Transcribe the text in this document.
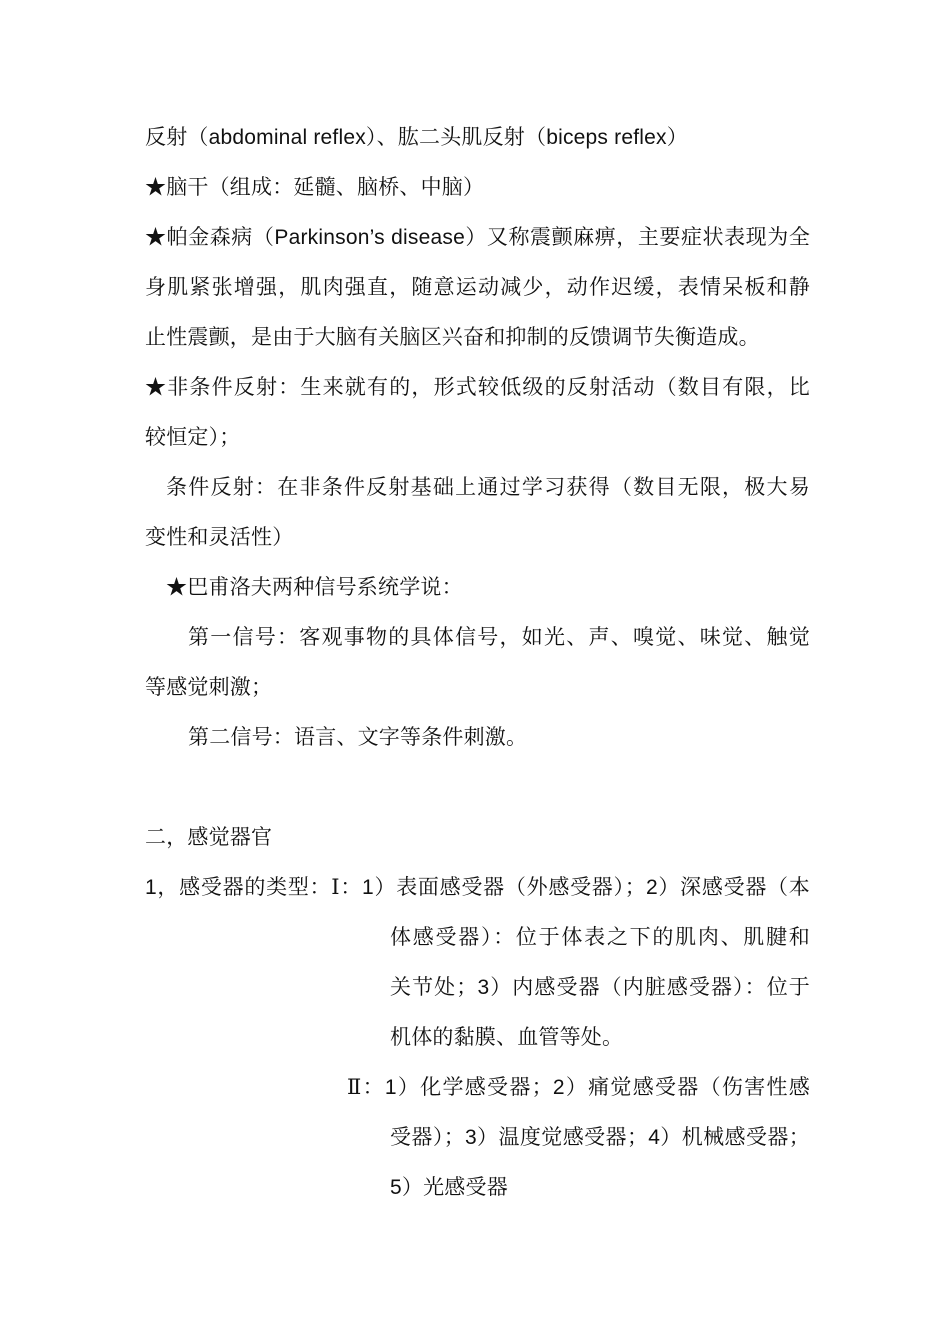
反射（abdominal reflex）、肱二头肌反射（biceps reflex）
★脑干（组成：延髓、脑桥、中脑）
★帕金森病（Parkinson’s disease）又称震颤麻痹，主要症状表现为全
身肌紧张增强，肌肉强直，随意运动减少，动作迟缓，表情呆板和静
止性震颤，是由于大脑有关脑区兴奋和抑制的反馈调节失衡造成。
★非条件反射：生来就有的，形式较低级的反射活动（数目有限，比
较恒定）；
条件反射：在非条件反射基础上通过学习获得（数目无限，极大易
变性和灵活性）
★巴甫洛夫两种信号系统学说：
第一信号：客观事物的具体信号，如光、声、嗅觉、味觉、触觉
等感觉刺激；
第二信号：语言、文字等条件刺激。
二，感觉器官
1，感受器的类型：Ⅰ：1）表面感受器（外感受器）；2）深感受器（本
体感受器）：位于体表之下的肌肉、肌腱和
关节处；3）内感受器（内脏感受器）：位于
机体的黏膜、血管等处。
Ⅱ：1）化学感受器；2）痛觉感受器（伤害性感
受器）；3）温度觉感受器；4）机械感受器；
5）光感受器
